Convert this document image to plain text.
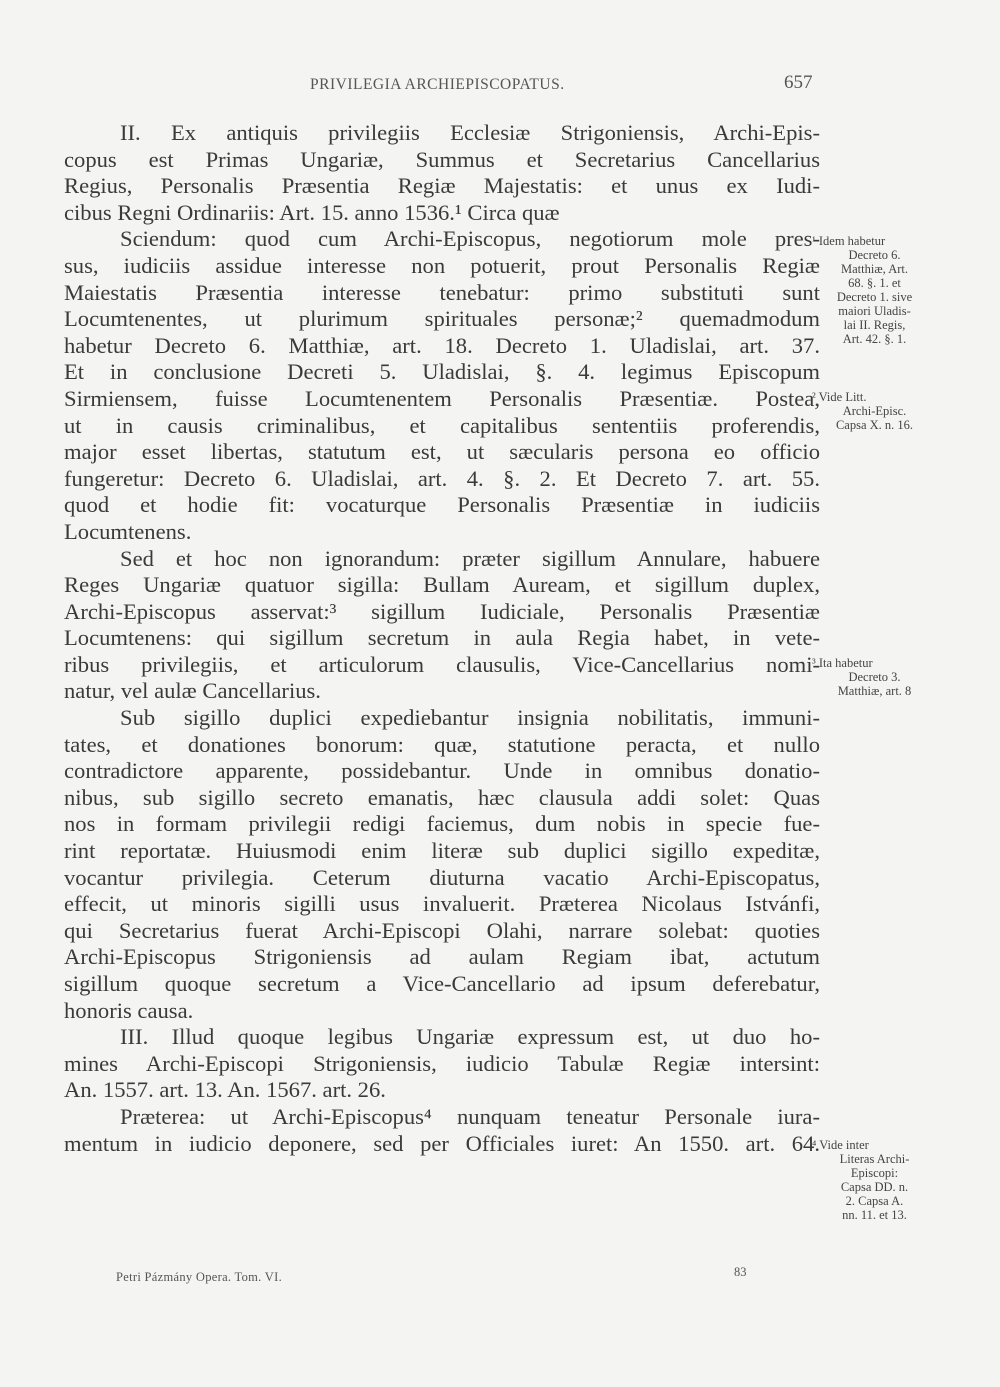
PRIVILEGIA ARCHIEPISCOPATUS.	657
II. Ex antiquis privilegiis Ecclesiæ Strigoniensis, Archi-Epis-
copus est Primas Ungariæ, Summus et Secretarius Cancellarius
Regius, Personalis Præsentia Regiæ Majestatis: et unus ex Iudi-
cibus Regni Ordinariis: Art. 15. anno 1536.¹ Circa quæ
Sciendum: quod cum Archi-Episcopus, negotiorum mole pres-
sus, iudiciis assidue interesse non potuerit, prout Personalis Regiæ
Maiestatis Præsentia interesse tenebatur: primo substituti sunt
Locumtenentes, ut plurimum spirituales personæ;² quemadmodum
habetur Decreto 6. Matthiæ, art. 18. Decreto 1. Uladislai, art. 37.
Et in conclusione Decreti 5. Uladislai, §. 4. legimus Episcopum
Sirmiensem, fuisse Locumtenentem Personalis Præsentiæ. Postea,
ut in causis criminalibus, et capitalibus sententiis proferendis,
major esset libertas, statutum est, ut sæcularis persona eo officio
fungeretur: Decreto 6. Uladislai, art. 4. §. 2. Et Decreto 7. art. 55.
quod et hodie fit: vocaturque Personalis Præsentiæ in iudiciis
Locumtenens.
Sed et hoc non ignorandum: præter sigillum Annulare, habuere
Reges Ungariæ quatuor sigilla: Bullam Auream, et sigillum duplex,
Archi-Episcopus asservat:³ sigillum Iudiciale, Personalis Præsentiæ
Locumtenens: qui sigillum secretum in aula Regia habet, in vete-
ribus privilegiis, et articulorum clausulis, Vice-Cancellarius nomi-
natur, vel aulæ Cancellarius.
Sub sigillo duplici expediebantur insignia nobilitatis, immuni-
tates, et donationes bonorum: quæ, statutione peracta, et nullo
contradictore apparente, possidebantur. Unde in omnibus donatio-
nibus, sub sigillo secreto emanatis, hæc clausula addi solet: Quas
nos in formam privilegii redigi faciemus, dum nobis in specie fue-
rint reportatæ. Huiusmodi enim literæ sub duplici sigillo expeditæ,
vocantur privilegia. Ceterum diuturna vacatio Archi-Episcopatus,
effecit, ut minoris sigilli usus invaluerit. Præterea Nicolaus Istvánfi,
qui Secretarius fuerat Archi-Episcopi Olahi, narrare solebat: quoties
Archi-Episcopus Strigoniensis ad aulam Regiam ibat, actutum
sigillum quoque secretum a Vice-Cancellario ad ipsum deferebatur,
honoris causa.
III. Illud quoque legibus Ungariæ expressum est, ut duo ho-
mines Archi-Episcopi Strigoniensis, iudicio Tabulæ Regiæ intersint:
An. 1557. art. 13. An. 1567. art. 26.
Præterea: ut Archi-Episcopus⁴ nunquam teneatur Personale iura-
mentum in iudicio deponere, sed per Officiales iuret: An 1550. art. 64.
¹ Idem habetur
Decreto 6.
Matthiæ, Art.
68. §. 1. et
Decreto 1. sive
maiori Uladis-
lai II. Regis,
Art. 42. §. 1.
² Vide Litt.
Archi-Episc.
Capsa X. n. 16.
³ Ita habetur
Decreto 3.
Matthiæ, art. 8
⁴ Vide inter
Literas Archi-
Episcopi:
Capsa DD. n.
2. Capsa A.
nn. 11. et 13.
Petri Pázmány Opera. Tom. VI.	83
